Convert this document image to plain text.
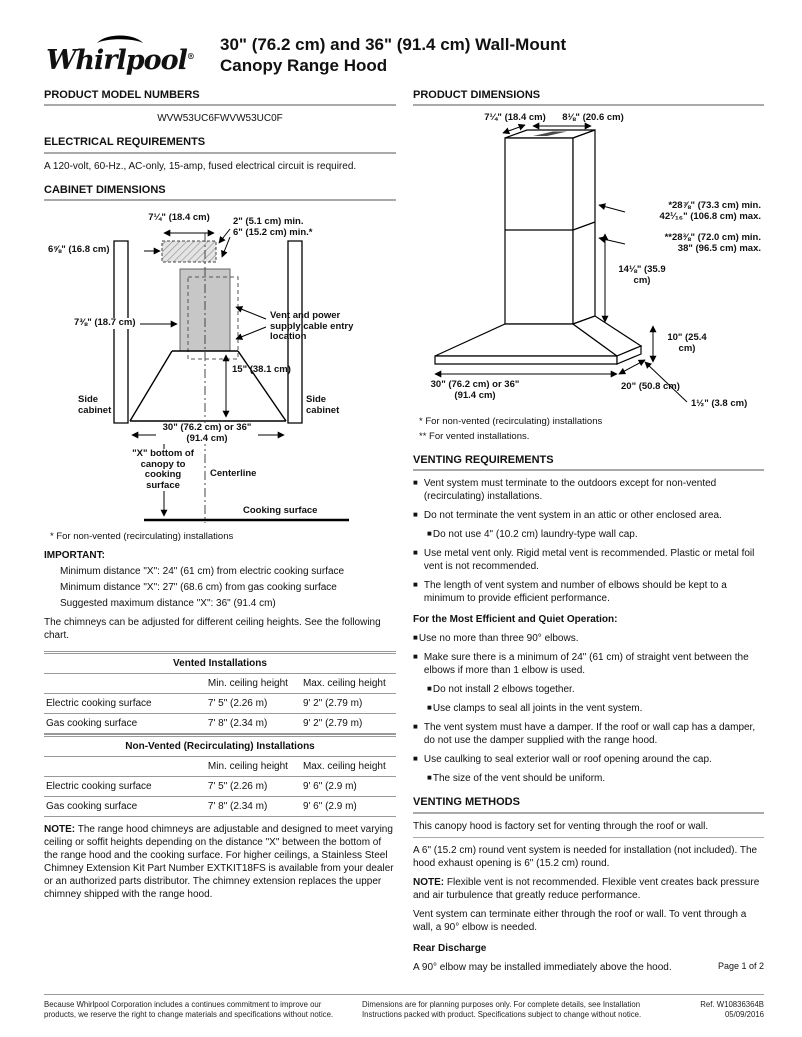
Whirlpool®
30" (76.2 cm) and 36" (91.4 cm) Wall-Mount
Canopy Range Hood
PRODUCT MODEL NUMBERS
WVW53UC6FWVW53UC0F
ELECTRICAL REQUIREMENTS
A 120-volt, 60-Hz., AC-only, 15-amp, fused electrical circuit is required.
CABINET DIMENSIONS
7¼" (18.4 cm)	2" (5.1 cm) min.
6" (15.2 cm) min.*
6⅝" (16.8 cm)
7⅜" (18.7 cm)
Vent and power supply cable entry location
15" (38.1 cm)
Side cabinet
Side cabinet
30" (76.2 cm) or 36" (91.4 cm)
"X" bottom of canopy to cooking surface
Centerline
Cooking surface
* For non-vented (recirculating) installations
IMPORTANT:
Minimum distance "X": 24" (61 cm) from electric cooking surface
Minimum distance "X": 27" (68.6 cm) from gas cooking surface
Suggested maximum distance "X": 36" (91.4 cm)
The chimneys can be adjusted for different ceiling heights. See the following chart.
Vented Installations		
	Min. ceiling height	Max. ceiling height
Electric cooking surface	7' 5" (2.26 m)	9' 2" (2.79 m)
Gas cooking surface	7' 8" (2.34 m)	9' 2" (2.79 m)
Non-Vented (Recirculating) Installations		
	Min. ceiling height	Max. ceiling height
Electric cooking surface	7' 5" (2.26 m)	9' 6" (2.9 m)
Gas cooking surface	7' 8" (2.34 m)	9' 6" (2.9 m)
NOTE: The range hood chimneys are adjustable and designed to meet varying ceiling or soffit heights depending on the distance "X" between the bottom of the range hood and the cooking surface. For higher ceilings, a Stainless Steel Chimney Extension Kit Part Number EXTKIT18FS is available from your dealer or an authorized parts distributor. The chimney extension replaces the upper chimney shipped with the range hood.
PRODUCT DIMENSIONS
7¼" (18.4 cm)	8⅛" (20.6 cm)
*28⅞" (73.3 cm) min.
42¹⁄₁₆" (106.8 cm) max.
**28⅜" (72.0 cm) min.
38" (96.5 cm) max.
14⅛" (35.9 cm)
10" (25.4 cm)
30" (76.2 cm) or 36" (91.4 cm)
20" (50.8 cm)
1½" (3.8 cm)
* For non-vented (recirculating) installations
** For vented installations.
VENTING REQUIREMENTS
■ Vent system must terminate to the outdoors except for non-vented (recirculating) installations.
■ Do not terminate the vent system in an attic or other enclosed area.
■ Do not use 4" (10.2 cm) laundry-type wall cap.
■ Use metal vent only. Rigid metal vent is recommended. Plastic or metal foil vent is not recommended.
■ The length of vent system and number of elbows should be kept to a minimum to provide efficient performance.
For the Most Efficient and Quiet Operation:
■ Use no more than three 90° elbows.
■ Make sure there is a minimum of 24" (61 cm) of straight vent between the elbows if more than 1 elbow is used.
■ Do not install 2 elbows together.
■ Use clamps to seal all joints in the vent system.
■ The vent system must have a damper. If the roof or wall cap has a damper, do not use the damper supplied with the range hood.
■ Use caulking to seal exterior wall or roof opening around the cap.
■ The size of the vent should be uniform.
VENTING METHODS
This canopy hood is factory set for venting through the roof or wall.
A 6" (15.2 cm) round vent system is needed for installation (not included). The hood exhaust opening is 6" (15.2 cm) round.
NOTE: Flexible vent is not recommended. Flexible vent creates back pressure and air turbulence that greatly reduce performance.
Vent system can terminate either through the roof or wall. To vent through a wall, a 90° elbow is needed.
Rear Discharge
A 90° elbow may be installed immediately above the hood.	Page 1 of 2
Because Whirlpool Corporation includes a continues commitment to improve our products, we reserve the right to change materials and specifications without notice.
Dimensions are for planning purposes only. For complete details, see Installation Instructions packed with product. Specifications subject to change without notice.
Ref. W10836364B
05/09/2016
